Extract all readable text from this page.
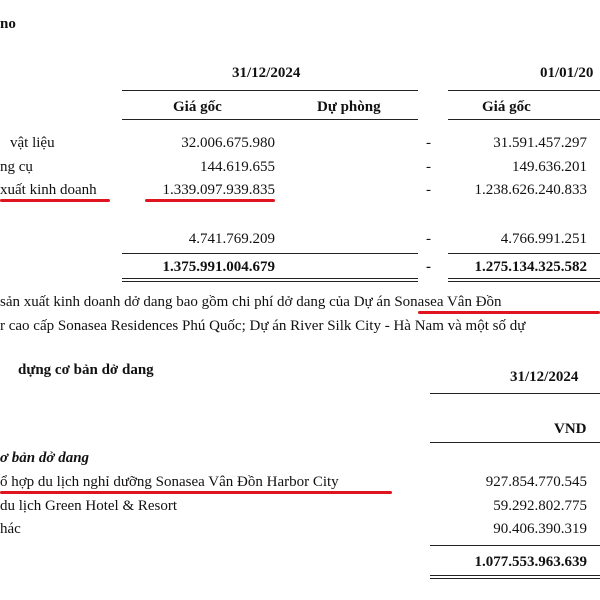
no
31/12/2024	01/01/20
Giá gốc	Dự phòng	Giá gốc
vật liệu	32.006.675.980	-	31.591.457.297
ng cụ	144.619.655	-	149.636.201
xuất kinh doanh	1.339.097.939.835	-	1.238.626.240.833
4.741.769.209	-	4.766.991.251
1.375.991.004.679	-	1.275.134.325.582
sản xuất kinh doanh dở dang bao gồm chi phí dở dang của Dự án Sonasea Vân Đồn
r cao cấp Sonasea Residences Phú Quốc; Dự án River Silk City - Hà Nam và một số dự
dựng cơ bản dở dang	31/12/2024
VND
ơ bản dở dang
ổ hợp du lịch nghỉ dưỡng Sonasea Vân Đồn Harbor City	927.854.770.545
du lịch Green Hotel & Resort	59.292.802.775
hác	90.406.390.319
1.077.553.963.639
